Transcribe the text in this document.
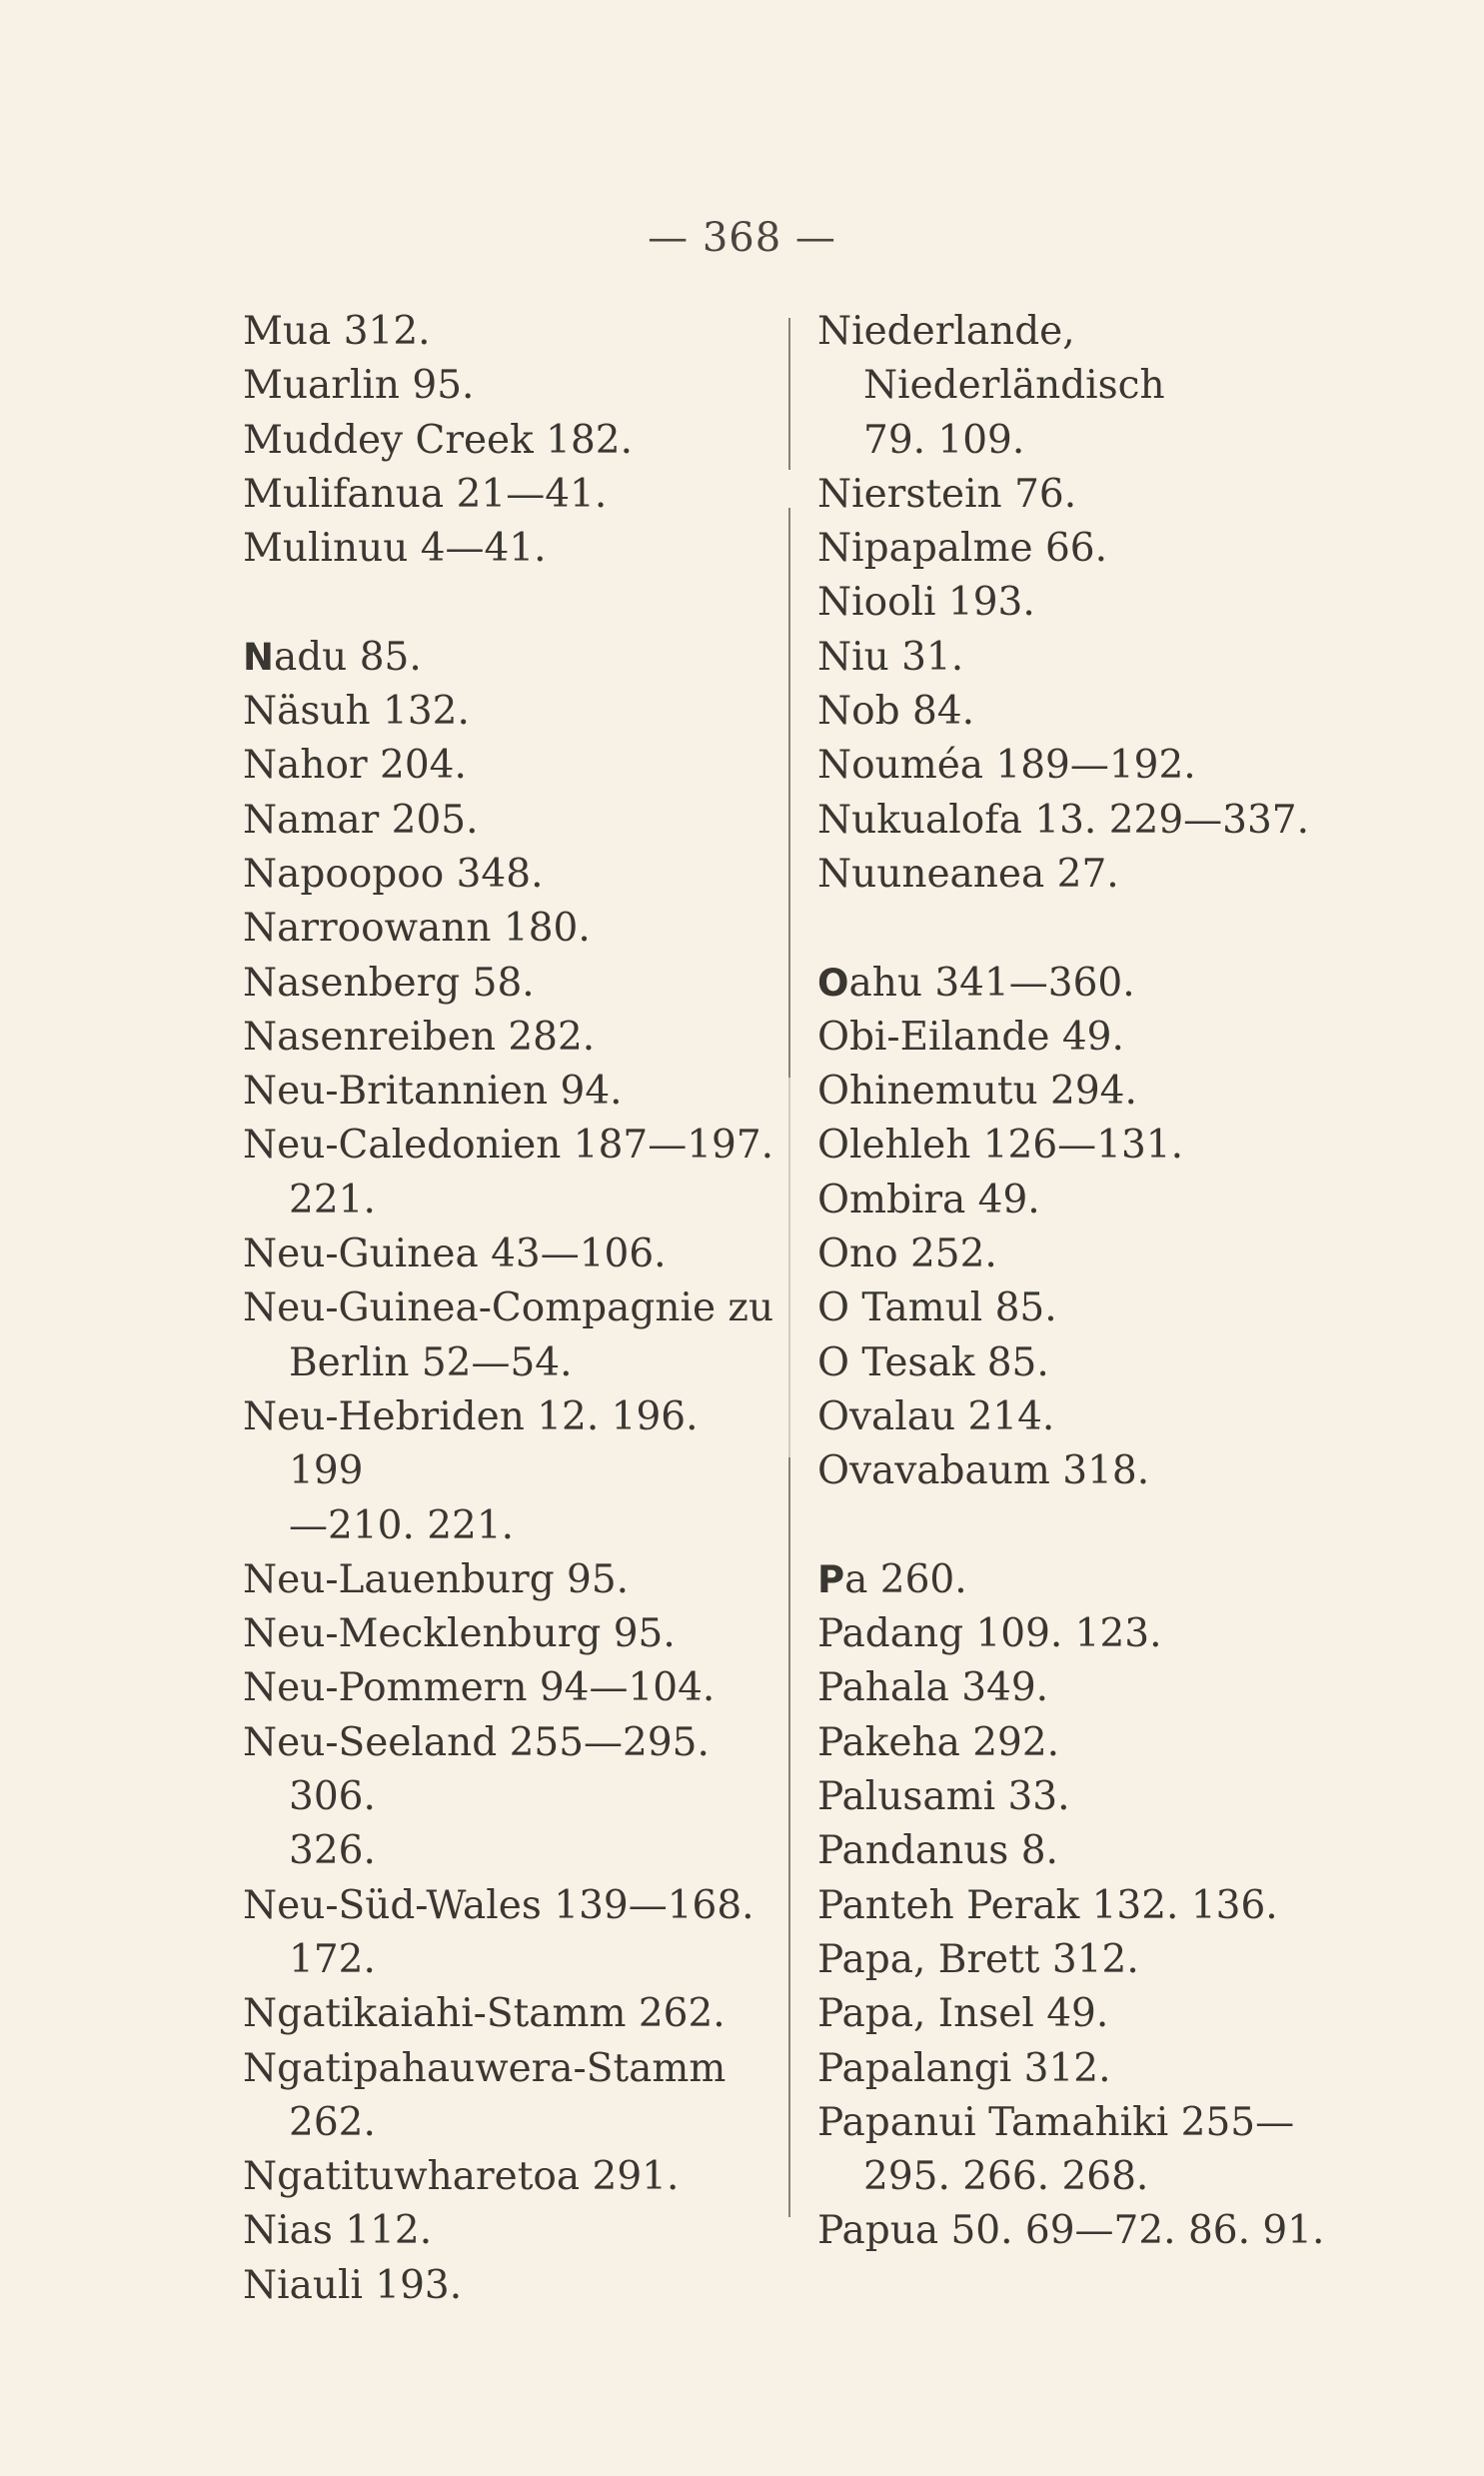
— 368 —
Mua 312.
Muarlin 95.
Muddey Creek 182.
Mulifanua 21—41.
Mulinuu 4—41.
Nadu 85.
Näsuh 132.
Nahor 204.
Namar 205.
Napoopoo 348.
Narroowann 180.
Nasenberg 58.
Nasenreiben 282.
Neu-Britannien 94.
Neu-Caledonien 187—197.
221.
Neu-Guinea 43—106.
Neu-Guinea-Compagnie zu
Berlin 52—54.
Neu-Hebriden 12. 196. 199
—210. 221.
Neu-Lauenburg 95.
Neu-Mecklenburg 95.
Neu-Pommern 94—104.
Neu-Seeland 255—295. 306.
326.
Neu-Süd-Wales 139—168.
172.
Ngatikaiahi-Stamm 262.
Ngatipahauwera-Stamm
262.
Ngatituwharetoa 291.
Nias 112.
Niauli 193.
Niederlande, Niederländisch
79. 109.
Nierstein 76.
Nipapalme 66.
Niooli 193.
Niu 31.
Nob 84.
Nouméa 189—192.
Nukualofa 13. 229—337.
Nuuneanea 27.
Oahu 341—360.
Obi-Eilande 49.
Ohinemutu 294.
Olehleh 126—131.
Ombira 49.
Ono 252.
O Tamul 85.
O Tesak 85.
Ovalau 214.
Ovavabaum 318.
Pa 260.
Padang 109. 123.
Pahala 349.
Pakeha 292.
Palusami 33.
Pandanus 8.
Panteh Perak 132. 136.
Papa, Brett 312.
Papa, Insel 49.
Papalangi 312.
Papanui Tamahiki 255—
295. 266. 268.
Papua 50. 69—72. 86. 91.
